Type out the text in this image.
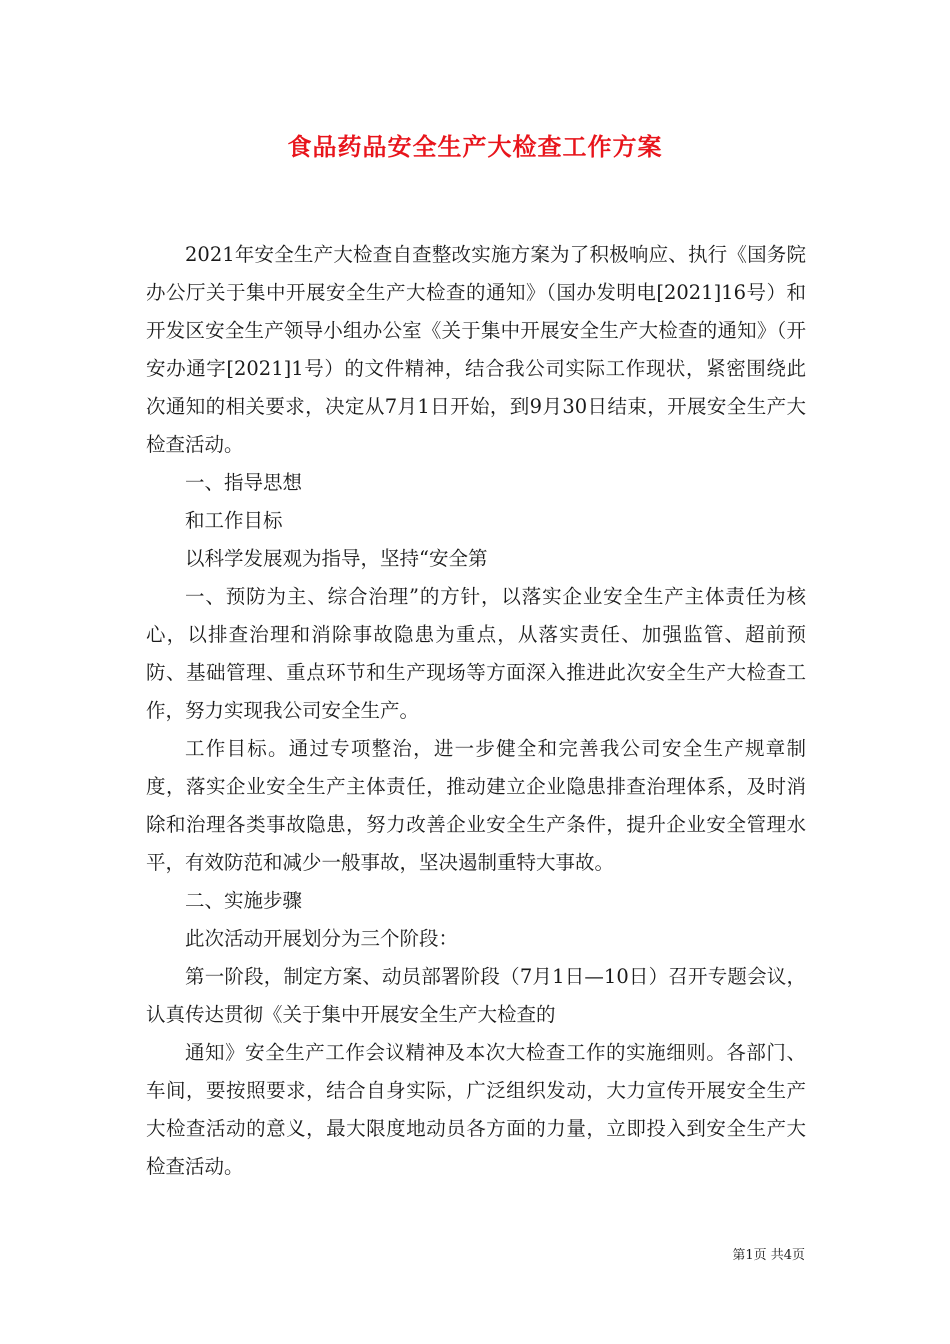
食品药品安全生产大检查工作方案

2021年安全生产大检查自查整改实施方案为了积极响应、执行《国务院办公厅关于集中开展安全生产大检查的通知》（国办发明电[2021]16号）和开发区安全生产领导小组办公室《关于集中开展安全生产大检查的通知》（开安办通字[2021]1号）的文件精神，结合我公司实际工作现状，紧密围绕此次通知的相关要求，决定从7月1日开始，到9月30日结束，开展安全生产大检查活动。

一、指导思想

和工作目标

以科学发展观为指导，坚持“安全第

一、预防为主、综合治理”的方针，以落实企业安全生产主体责任为核心，以排查治理和消除事故隐患为重点，从落实责任、加强监管、超前预防、基础管理、重点环节和生产现场等方面深入推进此次安全生产大检查工作，努力实现我公司安全生产。

工作目标。通过专项整治，进一步健全和完善我公司安全生产规章制度，落实企业安全生产主体责任，推动建立企业隐患排查治理体系，及时消除和治理各类事故隐患，努力改善企业安全生产条件，提升企业安全管理水平，有效防范和减少一般事故，坚决遏制重特大事故。

二、实施步骤

此次活动开展划分为三个阶段：

第一阶段，制定方案、动员部署阶段（7月1日—10日）召开专题会议，认真传达贯彻《关于集中开展安全生产大检查的

通知》安全生产工作会议精神及本次大检查工作的实施细则。各部门、车间，要按照要求，结合自身实际，广泛组织发动，大力宣传开展安全生产大检查活动的意义，最大限度地动员各方面的力量，立即投入到安全生产大检查活动。

第1页 共4页
